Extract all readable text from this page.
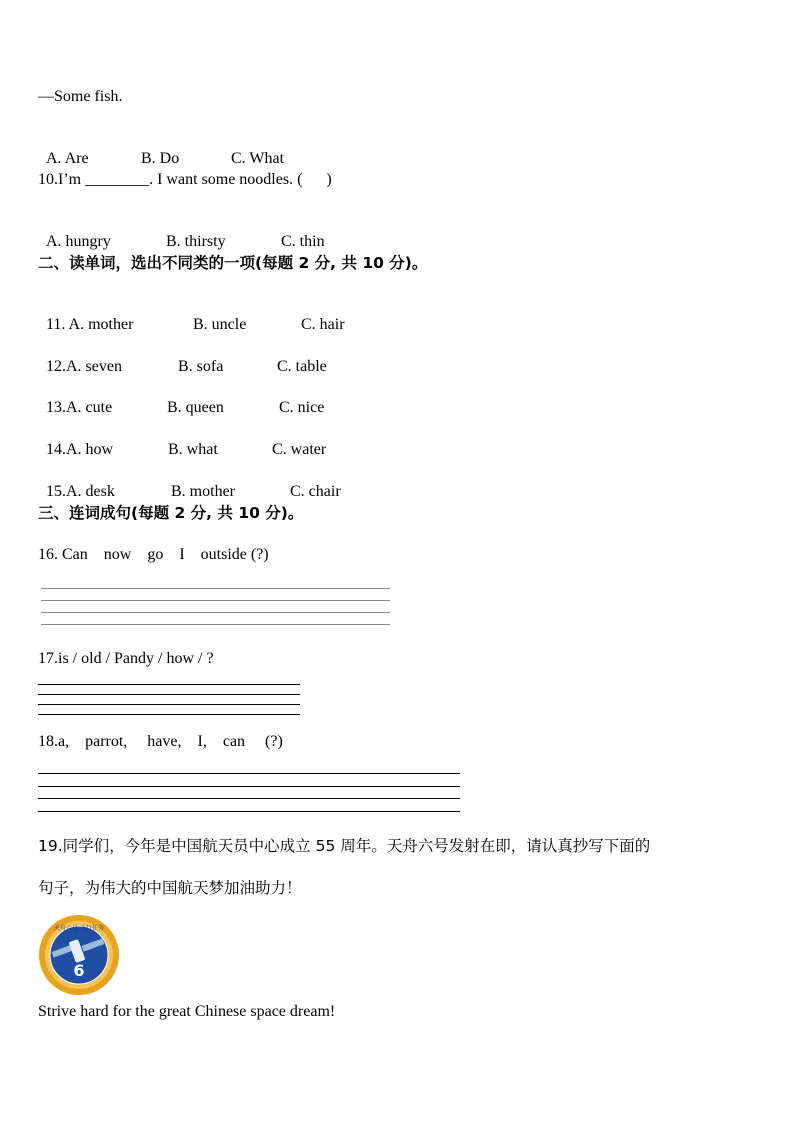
—Some fish.

A. Are	B. Do	C. What

10.I’m ________. I want some noodles. (      )

A. hungry	B. thirsty	C. thin

二、读单词，选出不同类的一项(每题 2 分, 共 10 分)。

11. A. mother	B. uncle	C. hair

12.A. seven	B. sofa	C. table

13.A. cute	B. queen	C. nice

14.A. how	B. what	C. water

15.A. desk	B. mother	C. chair

三、连词成句(每题 2 分, 共 10 分)。
16. Can    now    go    I    outside (?)
17.is / old / Pandy / how / ?
18.a,    parrot,     have,    I,    can     (?)
19.同学们，今年是中国航天员中心成立 55 周年。天舟六号发射在即，请认真抄写下面的
句子，为伟大的中国航天梦加油助力！
6
天舟六号 飞行任务
Strive hard for the great Chinese space dream!
